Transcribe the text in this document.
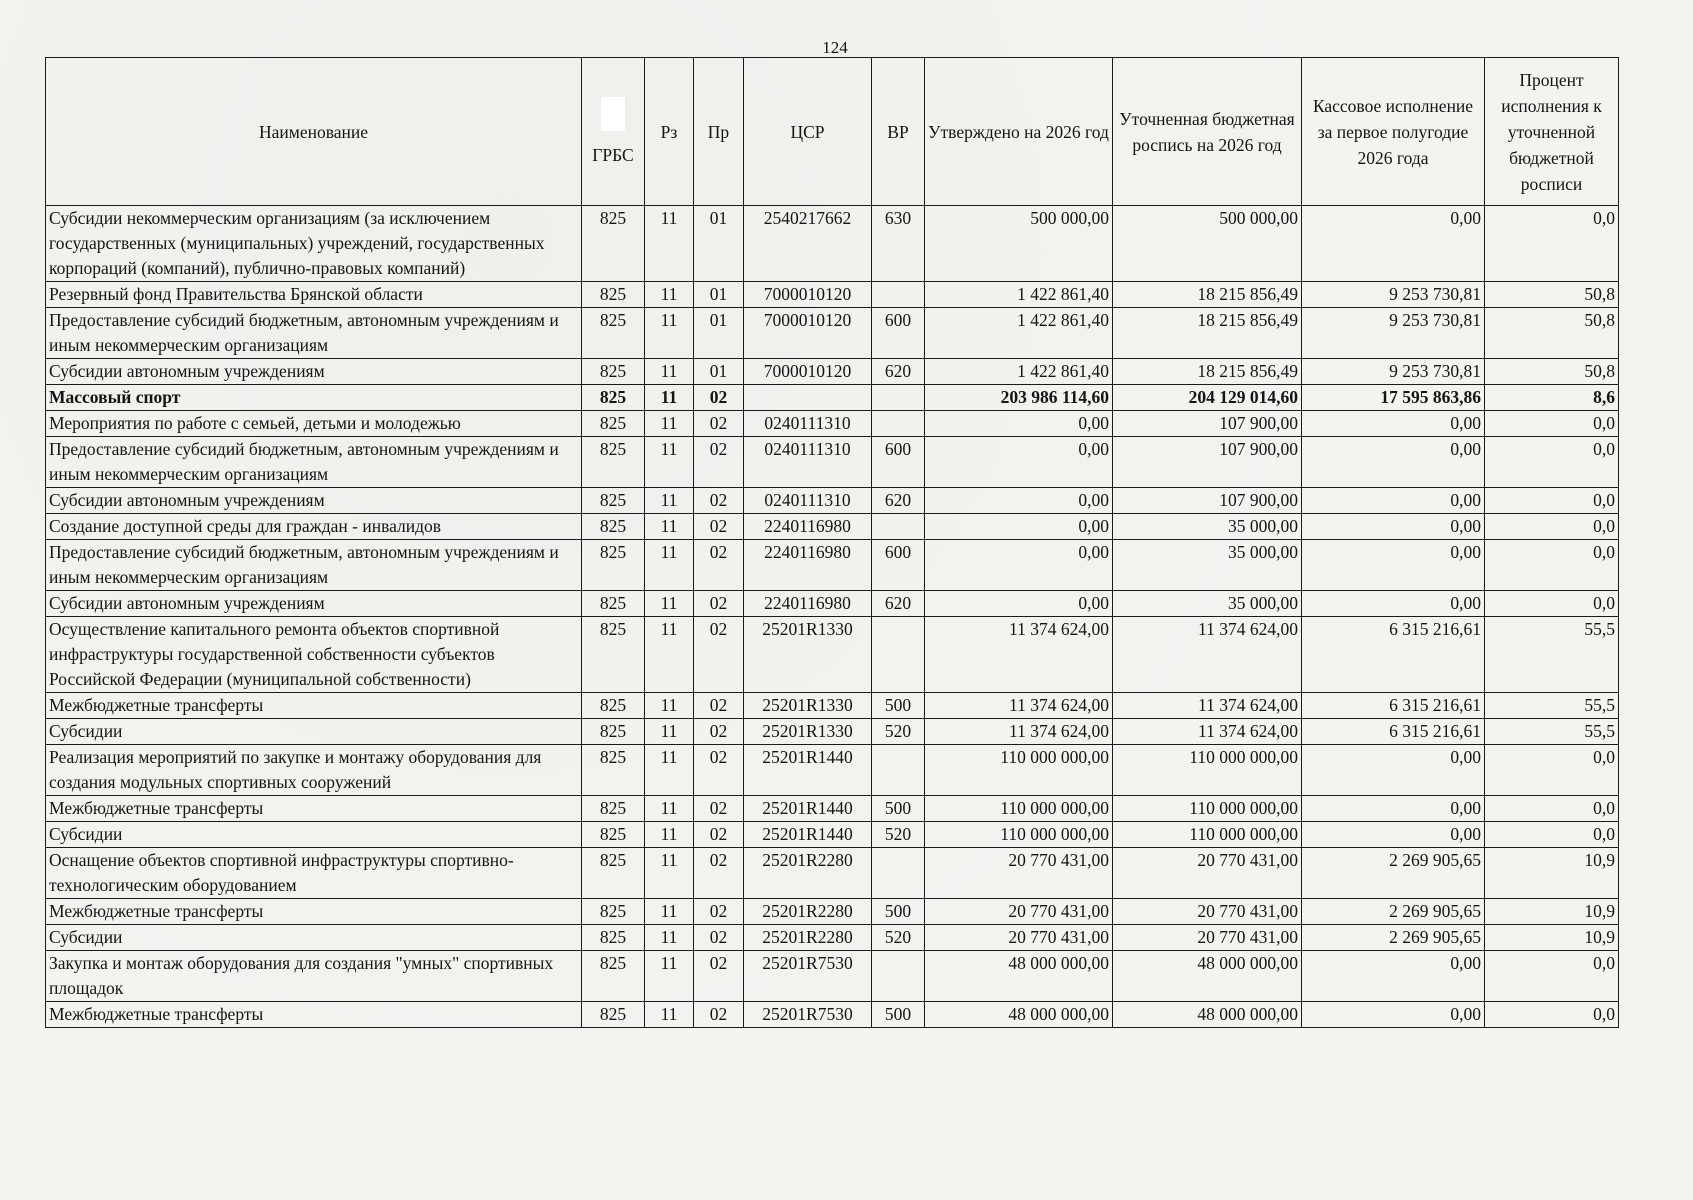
124
Наименование	ГРБС	Рз	Пр	ЦСР	ВР	Утверждено на 2026 год	Уточненная бюджетная роспись на 2026 год	Кассовое исполнение за первое полугодие 2026 года	Процент исполнения к уточненной бюджетной росписи
Субсидии некоммерческим организациям (за исключением государственных (муниципальных) учреждений, государственных корпораций (компаний), публично-правовых компаний)	825	11	01	2540217662	630	500 000,00	500 000,00	0,00	0,0
Резервный фонд Правительства Брянской области	825	11	01	7000010120		1 422 861,40	18 215 856,49	9 253 730,81	50,8
Предоставление субсидий бюджетным, автономным учреждениям и иным некоммерческим организациям	825	11	01	7000010120	600	1 422 861,40	18 215 856,49	9 253 730,81	50,8
Субсидии автономным учреждениям	825	11	01	7000010120	620	1 422 861,40	18 215 856,49	9 253 730,81	50,8
Массовый спорт	825	11	02			203 986 114,60	204 129 014,60	17 595 863,86	8,6
Мероприятия по работе с семьей, детьми и молодежью	825	11	02	0240111310		0,00	107 900,00	0,00	0,0
Предоставление субсидий бюджетным, автономным учреждениям и иным некоммерческим организациям	825	11	02	0240111310	600	0,00	107 900,00	0,00	0,0
Субсидии автономным учреждениям	825	11	02	0240111310	620	0,00	107 900,00	0,00	0,0
Создание доступной среды для граждан - инвалидов	825	11	02	2240116980		0,00	35 000,00	0,00	0,0
Предоставление субсидий бюджетным, автономным учреждениям и иным некоммерческим организациям	825	11	02	2240116980	600	0,00	35 000,00	0,00	0,0
Субсидии автономным учреждениям	825	11	02	2240116980	620	0,00	35 000,00	0,00	0,0
Осуществление капитального ремонта объектов спортивной инфраструктуры государственной собственности субъектов Российской Федерации (муниципальной собственности)	825	11	02	25201R1330		11 374 624,00	11 374 624,00	6 315 216,61	55,5
Межбюджетные трансферты	825	11	02	25201R1330	500	11 374 624,00	11 374 624,00	6 315 216,61	55,5
Субсидии	825	11	02	25201R1330	520	11 374 624,00	11 374 624,00	6 315 216,61	55,5
Реализация мероприятий по закупке и монтажу оборудования для создания модульных спортивных сооружений	825	11	02	25201R1440		110 000 000,00	110 000 000,00	0,00	0,0
Межбюджетные трансферты	825	11	02	25201R1440	500	110 000 000,00	110 000 000,00	0,00	0,0
Субсидии	825	11	02	25201R1440	520	110 000 000,00	110 000 000,00	0,00	0,0
Оснащение объектов спортивной инфраструктуры спортивно-технологическим оборудованием	825	11	02	25201R2280		20 770 431,00	20 770 431,00	2 269 905,65	10,9
Межбюджетные трансферты	825	11	02	25201R2280	500	20 770 431,00	20 770 431,00	2 269 905,65	10,9
Субсидии	825	11	02	25201R2280	520	20 770 431,00	20 770 431,00	2 269 905,65	10,9
Закупка и монтаж оборудования для создания "умных" спортивных площадок	825	11	02	25201R7530		48 000 000,00	48 000 000,00	0,00	0,0
Межбюджетные трансферты	825	11	02	25201R7530	500	48 000 000,00	48 000 000,00	0,00	0,0
